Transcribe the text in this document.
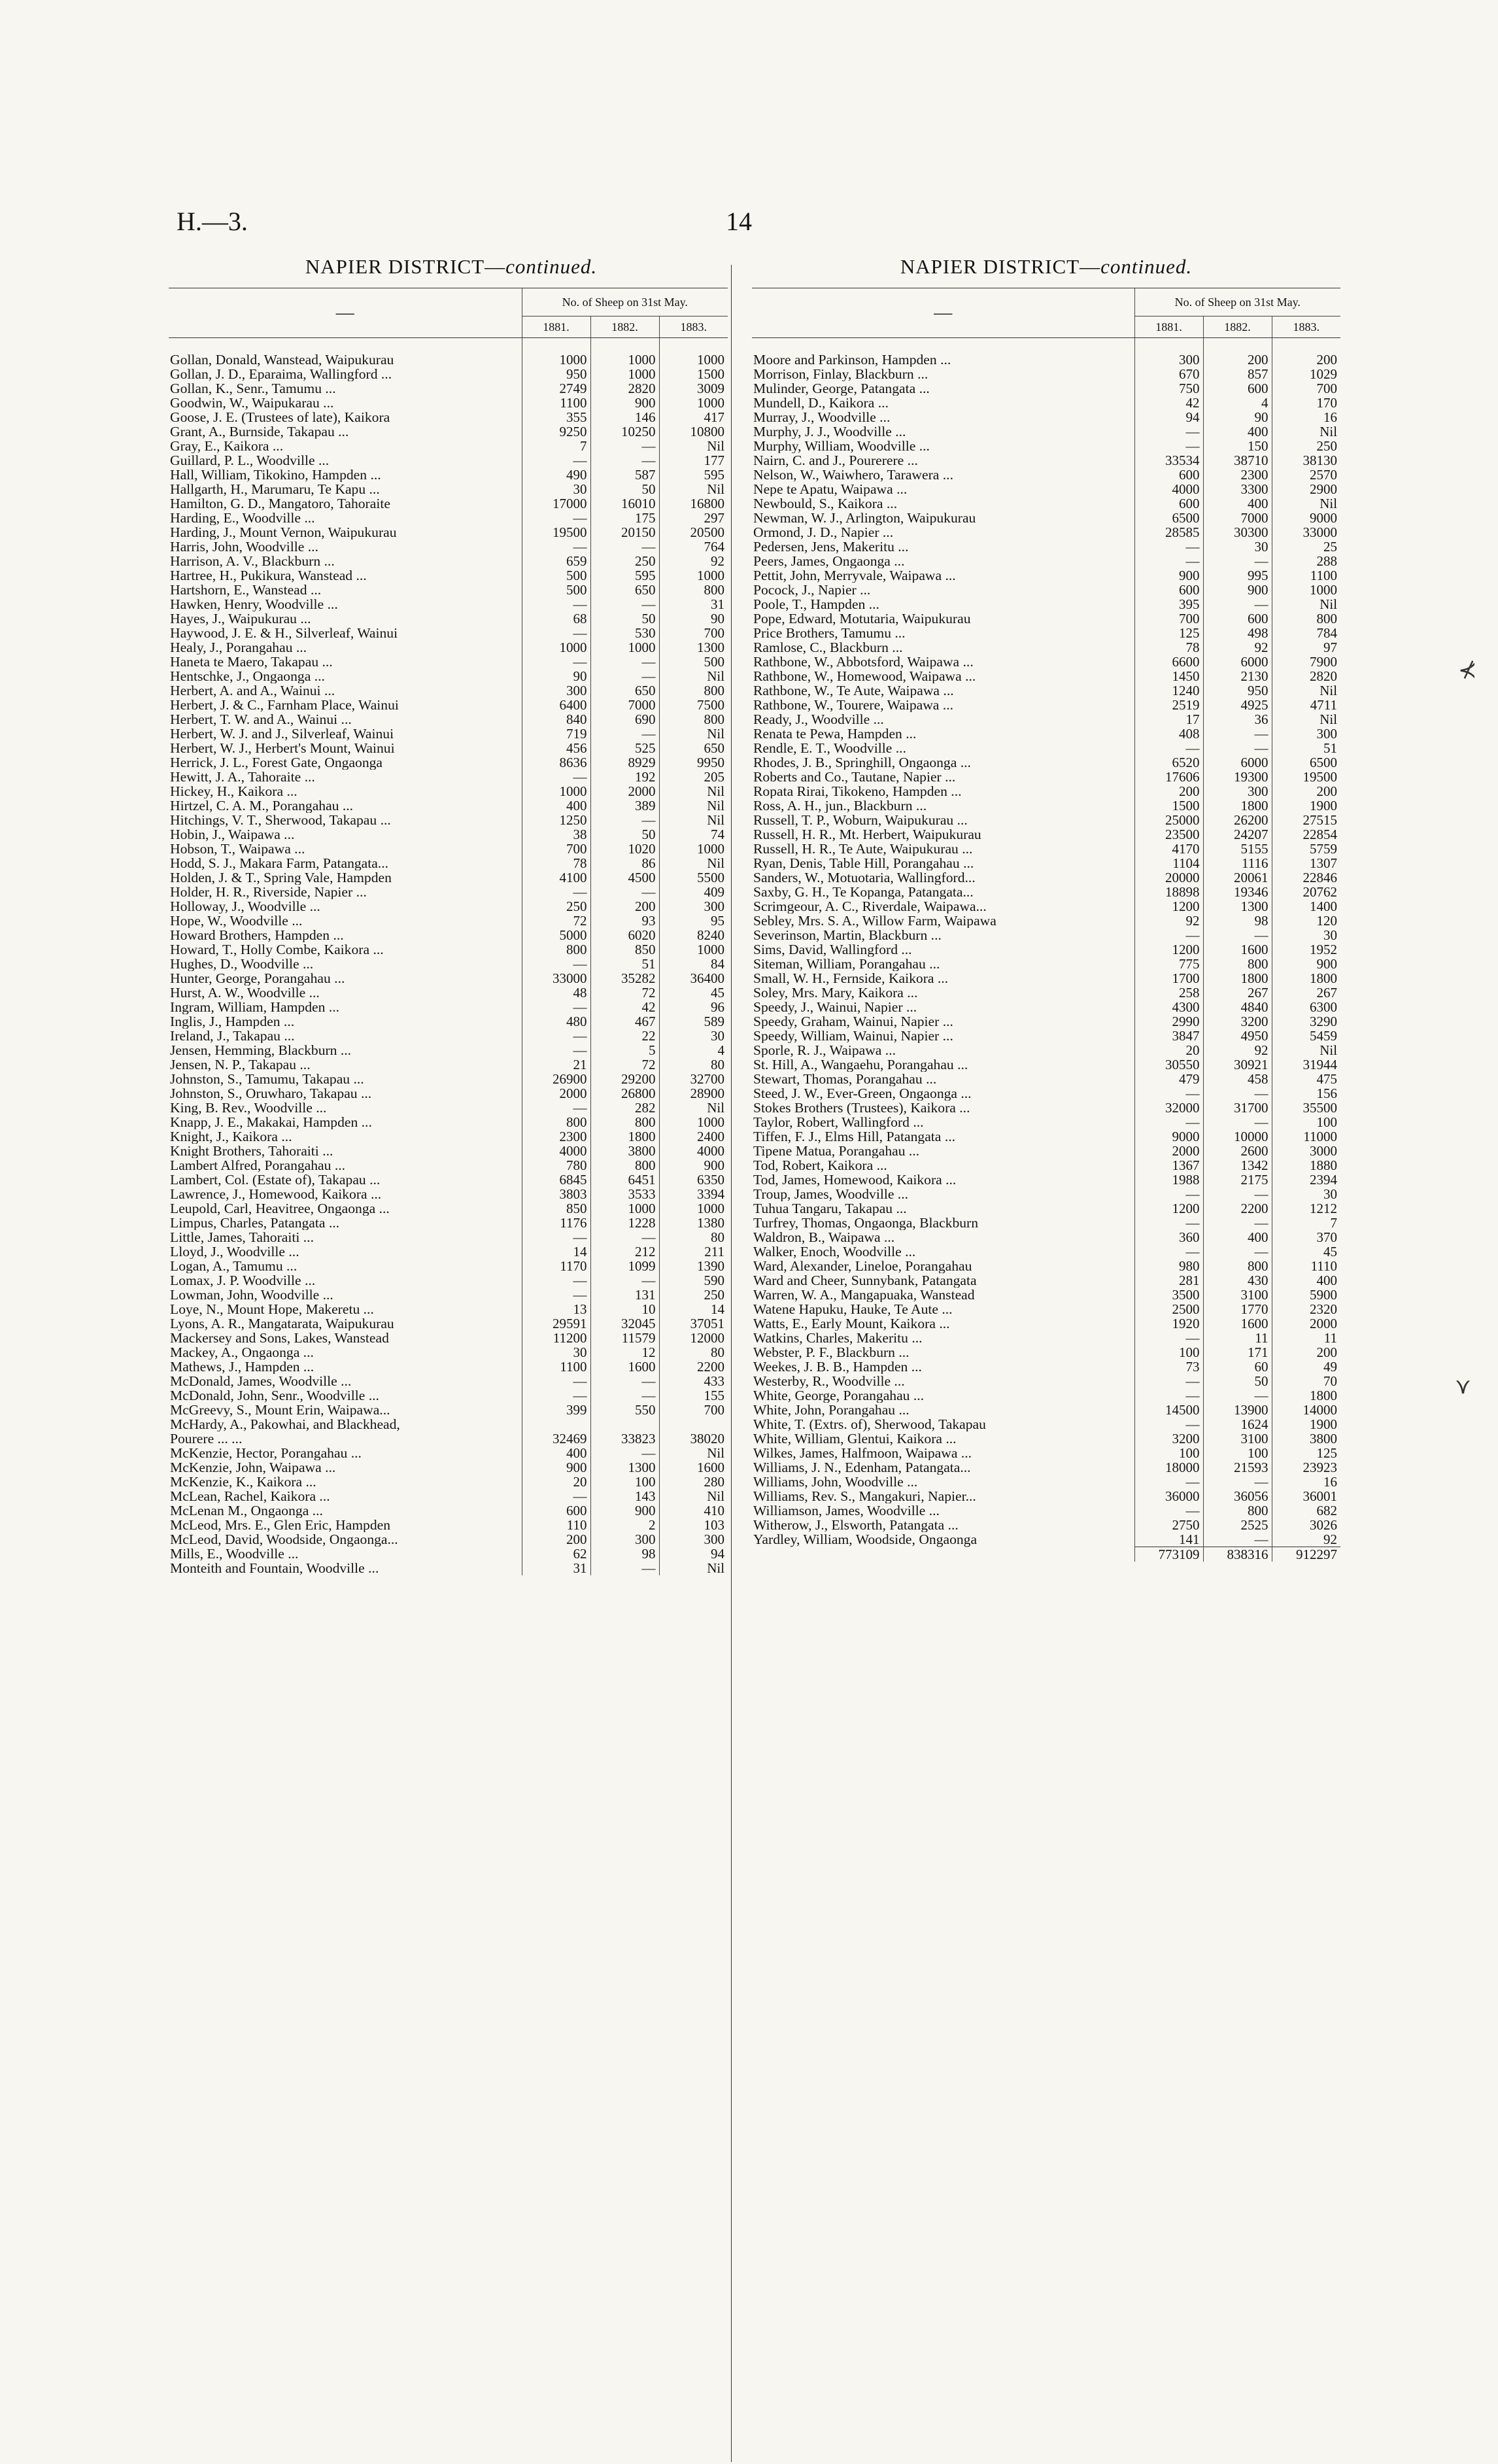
H.—3.	14
NAPIER DISTRICT—continued.	NAPIER DISTRICT—continued.
—	No. of Sheep on 31st May.		
	1881.	1882.	1883.

Gollan, Donald, Wanstead, Waipukurau	1000	1000	1000
Gollan, J. D., Eparaima, Wallingford ...	950	1000	1500
Gollan, K., Senr., Tamumu ...	2749	2820	3009
Goodwin, W., Waipukarau ...	1100	900	1000
Goose, J. E. (Trustees of late), Kaikora	355	146	417
Grant, A., Burnside, Takapau ...	9250	10250	10800
Gray, E., Kaikora ...	7	—	Nil
Guillard, P. L., Woodville ...	—	—	177
Hall, William, Tikokino, Hampden ...	490	587	595
Hallgarth, H., Marumaru, Te Kapu ...	30	50	Nil
Hamilton, G. D., Mangatoro, Tahoraite	17000	16010	16800
Harding, E., Woodville ...	—	175	297
Harding, J., Mount Vernon, Waipukurau	19500	20150	20500
Harris, John, Woodville ...	—	—	764
Harrison, A. V., Blackburn ...	659	250	92
Hartree, H., Pukikura, Wanstead ...	500	595	1000
Hartshorn, E., Wanstead ...	500	650	800
Hawken, Henry, Woodville ...	—	—	31
Hayes, J., Waipukurau ...	68	50	90
Haywood, J. E. & H., Silverleaf, Wainui	—	530	700
Healy, J., Porangahau ...	1000	1000	1300
Haneta te Maero, Takapau ...	—	—	500
Hentschke, J., Ongaonga ...	90	—	Nil
Herbert, A. and A., Wainui ...	300	650	800
Herbert, J. & C., Farnham Place, Wainui	6400	7000	7500
Herbert, T. W. and A., Wainui ...	840	690	800
Herbert, W. J. and J., Silverleaf, Wainui	719	—	Nil
Herbert, W. J., Herbert's Mount, Wainui	456	525	650
Herrick, J. L., Forest Gate, Ongaonga	8636	8929	9950
Hewitt, J. A., Tahoraite ...	—	192	205
Hickey, H., Kaikora ...	1000	2000	Nil
Hirtzel, C. A. M., Porangahau ...	400	389	Nil
Hitchings, V. T., Sherwood, Takapau ...	1250	—	Nil
Hobin, J., Waipawa ...	38	50	74
Hobson, T., Waipawa ...	700	1020	1000
Hodd, S. J., Makara Farm, Patangata...	78	86	Nil
Holden, J. & T., Spring Vale, Hampden	4100	4500	5500
Holder, H. R., Riverside, Napier ...	—	—	409
Holloway, J., Woodville ...	250	200	300
Hope, W., Woodville ...	72	93	95
Howard Brothers, Hampden ...	5000	6020	8240
Howard, T., Holly Combe, Kaikora ...	800	850	1000
Hughes, D., Woodville ...	—	51	84
Hunter, George, Porangahau ...	33000	35282	36400
Hurst, A. W., Woodville ...	48	72	45
Ingram, William, Hampden ...	—	42	96
Inglis, J., Hampden ...	480	467	589
Ireland, J., Takapau ...	—	22	30
Jensen, Hemming, Blackburn ...	—	5	4
Jensen, N. P., Takapau ...	21	72	80
Johnston, S., Tamumu, Takapau ...	26900	29200	32700
Johnston, S., Oruwharo, Takapau ...	2000	26800	28900
King, B. Rev., Woodville ...	—	282	Nil
Knapp, J. E., Makakai, Hampden ...	800	800	1000
Knight, J., Kaikora ...	2300	1800	2400
Knight Brothers, Tahoraiti ...	4000	3800	4000
Lambert Alfred, Porangahau ...	780	800	900
Lambert, Col. (Estate of), Takapau ...	6845	6451	6350
Lawrence, J., Homewood, Kaikora ...	3803	3533	3394
Leupold, Carl, Heavitree, Ongaonga ...	850	1000	1000
Limpus, Charles, Patangata ...	1176	1228	1380
Little, James, Tahoraiti ...	—	—	80
Lloyd, J., Woodville ...	14	212	211
Logan, A., Tamumu ...	1170	1099	1390
Lomax, J. P. Woodville ...	—	—	590
Lowman, John, Woodville ...	—	131	250
Loye, N., Mount Hope, Makeretu ...	13	10	14
Lyons, A. R., Mangatarata, Waipukurau	29591	32045	37051
Mackersey and Sons, Lakes, Wanstead	11200	11579	12000
Mackey, A., Ongaonga ...	30	12	80
Mathews, J., Hampden ...	1100	1600	2200
McDonald, James, Woodville ...	—	—	433
McDonald, John, Senr., Woodville ...	—	—	155
McGreevy, S., Mount Erin, Waipawa...	399	550	700
McHardy, A., Pakowhai, and Blackhead,			
Pourere ... ...	32469	33823	38020
McKenzie, Hector, Porangahau ...	400	—	Nil
McKenzie, John, Waipawa ...	900	1300	1600
McKenzie, K., Kaikora ...	20	100	280
McLean, Rachel, Kaikora ...	—	143	Nil
McLenan M., Ongaonga ...	600	900	410
McLeod, Mrs. E., Glen Eric, Hampden	110	2	103
McLeod, David, Woodside, Ongaonga...	200	300	300
Mills, E., Woodville ...	62	98	94
Monteith and Fountain, Woodville ...	31	—	Nil
—	No. of Sheep on 31st May.		
	1881.	1882.	1883.

Moore and Parkinson, Hampden ...	300	200	200
Morrison, Finlay, Blackburn ...	670	857	1029
Mulinder, George, Patangata ...	750	600	700
Mundell, D., Kaikora ...	42	4	170
Murray, J., Woodville ...	94	90	16
Murphy, J. J., Woodville ...	—	400	Nil
Murphy, William, Woodville ...	—	150	250
Nairn, C. and J., Pourerere ...	33534	38710	38130
Nelson, W., Waiwhero, Tarawera ...	600	2300	2570
Nepe te Apatu, Waipawa ...	4000	3300	2900
Newbould, S., Kaikora ...	600	400	Nil
Newman, W. J., Arlington, Waipukurau	6500	7000	9000
Ormond, J. D., Napier ...	28585	30300	33000
Pedersen, Jens, Makeritu ...	—	30	25
Peers, James, Ongaonga ...	—	—	288
Pettit, John, Merryvale, Waipawa ...	900	995	1100
Pocock, J., Napier ...	600	900	1000
Poole, T., Hampden ...	395	—	Nil
Pope, Edward, Motutaria, Waipukurau	700	600	800
Price Brothers, Tamumu ...	125	498	784
Ramlose, C., Blackburn ...	78	92	97
Rathbone, W., Abbotsford, Waipawa ...	6600	6000	7900
Rathbone, W., Homewood, Waipawa ...	1450	2130	2820
Rathbone, W., Te Aute, Waipawa ...	1240	950	Nil
Rathbone, W., Tourere, Waipawa ...	2519	4925	4711
Ready, J., Woodville ...	17	36	Nil
Renata te Pewa, Hampden ...	408	—	300
Rendle, E. T., Woodville ...	—	—	51
Rhodes, J. B., Springhill, Ongaonga ...	6520	6000	6500
Roberts and Co., Tautane, Napier ...	17606	19300	19500
Ropata Rirai, Tikokeno, Hampden ...	200	300	200
Ross, A. H., jun., Blackburn ...	1500	1800	1900
Russell, T. P., Woburn, Waipukurau ...	25000	26200	27515
Russell, H. R., Mt. Herbert, Waipukurau	23500	24207	22854
Russell, H. R., Te Aute, Waipukurau ...	4170	5155	5759
Ryan, Denis, Table Hill, Porangahau ...	1104	1116	1307
Sanders, W., Motuotaria, Wallingford...	20000	20061	22846
Saxby, G. H., Te Kopanga, Patangata...	18898	19346	20762
Scrimgeour, A. C., Riverdale, Waipawa...	1200	1300	1400
Sebley, Mrs. S. A., Willow Farm, Waipawa	92	98	120
Severinson, Martin, Blackburn ...	—	—	30
Sims, David, Wallingford ...	1200	1600	1952
Siteman, William, Porangahau ...	775	800	900
Small, W. H., Fernside, Kaikora ...	1700	1800	1800
Soley, Mrs. Mary, Kaikora ...	258	267	267
Speedy, J., Wainui, Napier ...	4300	4840	6300
Speedy, Graham, Wainui, Napier ...	2990	3200	3290
Speedy, William, Wainui, Napier ...	3847	4950	5459
Sporle, R. J., Waipawa ...	20	92	Nil
St. Hill, A., Wangaehu, Porangahau ...	30550	30921	31944
Stewart, Thomas, Porangahau ...	479	458	475
Steed, J. W., Ever-Green, Ongaonga ...	—	—	156
Stokes Brothers (Trustees), Kaikora ...	32000	31700	35500
Taylor, Robert, Wallingford ...	—	—	100
Tiffen, F. J., Elms Hill, Patangata ...	9000	10000	11000
Tipene Matua, Porangahau ...	2000	2600	3000
Tod, Robert, Kaikora ...	1367	1342	1880
Tod, James, Homewood, Kaikora ...	1988	2175	2394
Troup, James, Woodville ...	—	—	30
Tuhua Tangaru, Takapau ...	1200	2200	1212
Turfrey, Thomas, Ongaonga, Blackburn	—	—	7
Waldron, B., Waipawa ...	360	400	370
Walker, Enoch, Woodville ...	—	—	45
Ward, Alexander, Lineloe, Porangahau	980	800	1110
Ward and Cheer, Sunnybank, Patangata	281	430	400
Warren, W. A., Mangapuaka, Wanstead	3500	3100	5900
Watene Hapuku, Hauke, Te Aute ...	2500	1770	2320
Watts, E., Early Mount, Kaikora ...	1920	1600	2000
Watkins, Charles, Makeritu ...	—	11	11
Webster, P. F., Blackburn ...	100	171	200
Weekes, J. B. B., Hampden ...	73	60	49
Westerby, R., Woodville ...	—	50	70
White, George, Porangahau ...	—	—	1800
White, John, Porangahau ...	14500	13900	14000
White, T. (Extrs. of), Sherwood, Takapau	—	1624	1900
White, William, Glentui, Kaikora ...	3200	3100	3800
Wilkes, James, Halfmoon, Waipawa ...	100	100	125
Williams, J. N., Edenham, Patangata...	18000	21593	23923
Williams, John, Woodville ...	—	—	16
Williams, Rev. S., Mangakuri, Napier...	36000	36056	36001
Williamson, James, Woodville ...	—	800	682
Witherow, J., Elsworth, Patangata ...	2750	2525	3026
Yardley, William, Woodside, Ongaonga	141	—	92
	773109	838316	912297
⊀
⋎
